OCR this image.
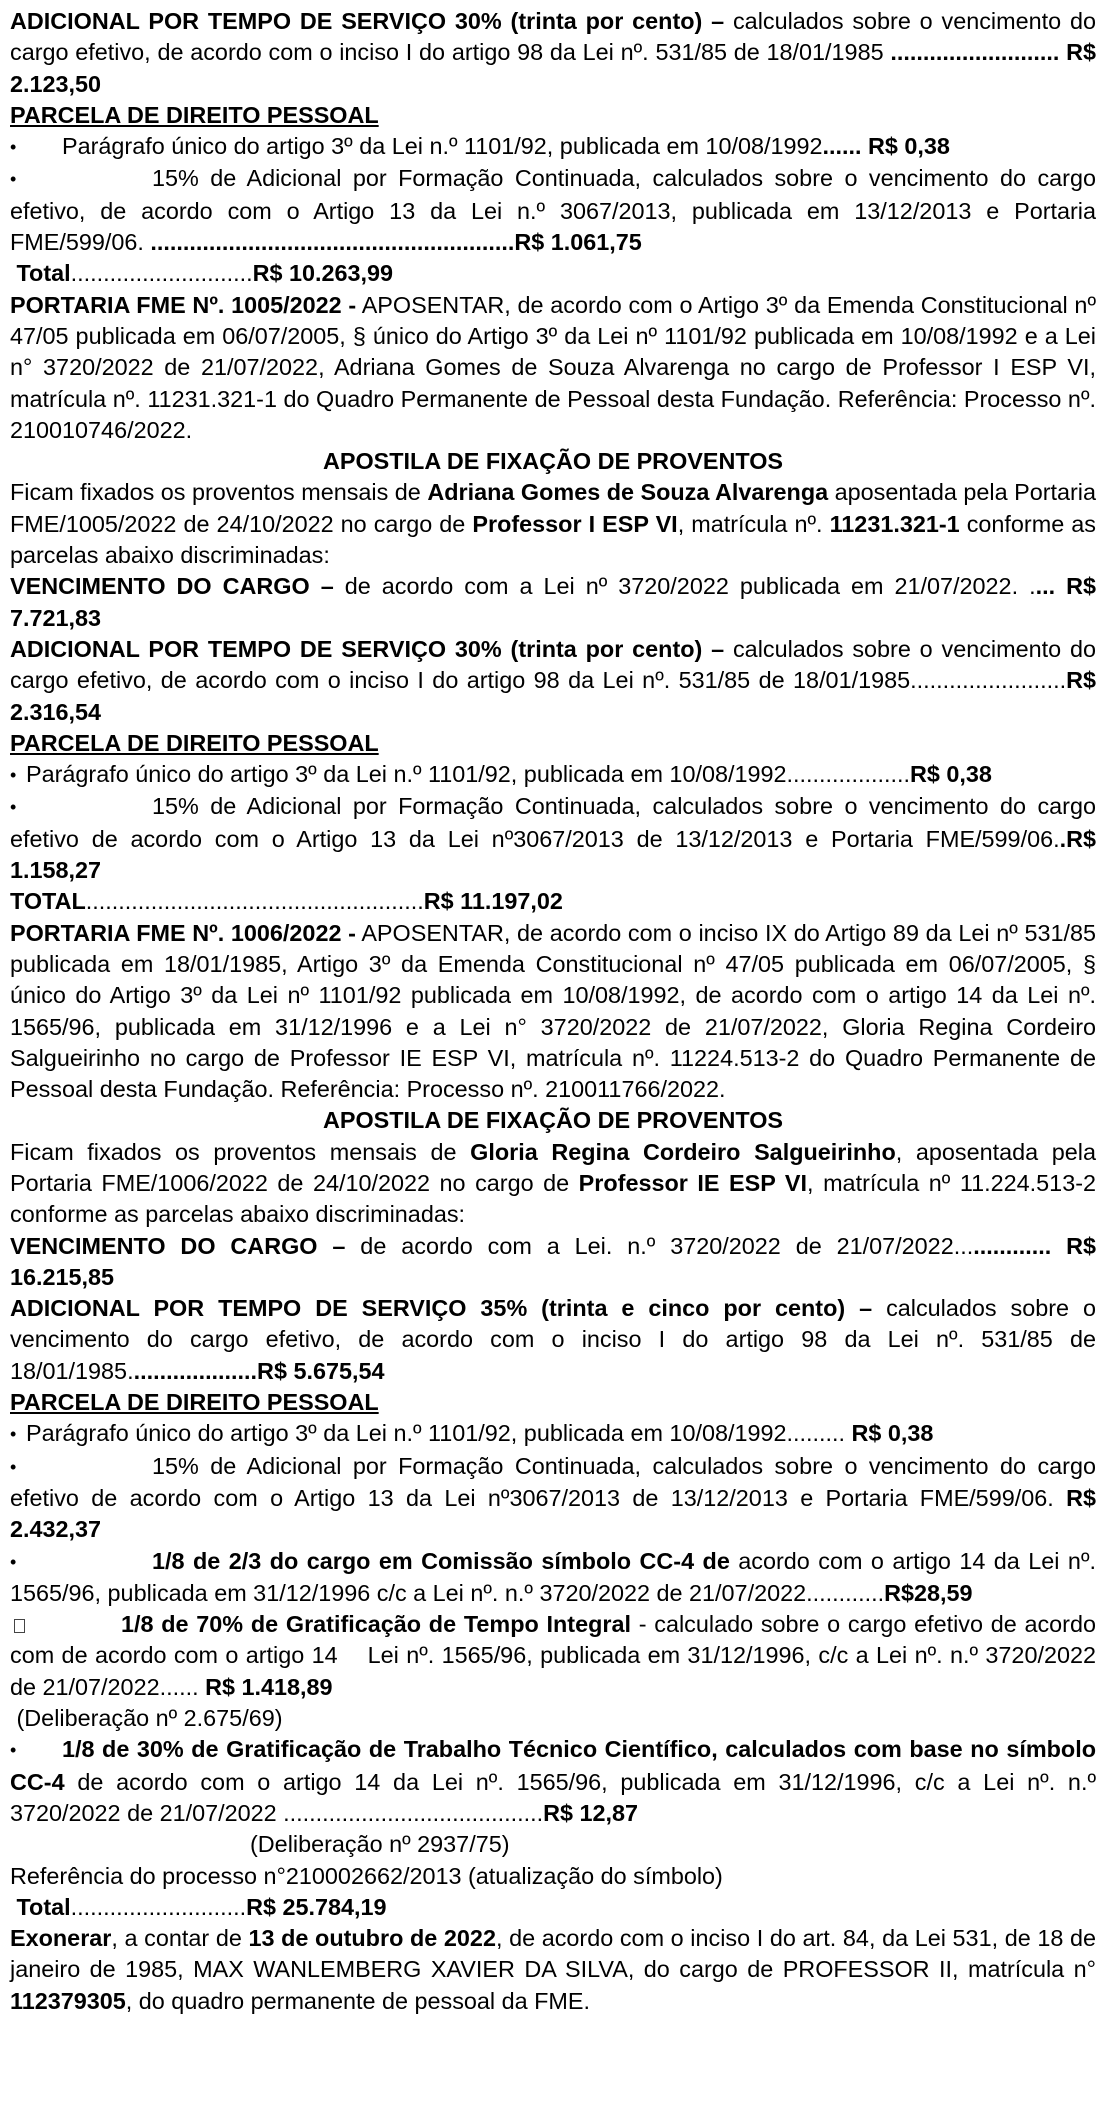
ADICIONAL POR TEMPO DE SERVIÇO 30% (trinta por cento) – calculados sobre o vencimento do cargo efetivo, de acordo com o inciso I do artigo 98 da Lei nº. 531/85 de 18/01/1985 .......................... R$ 2.123,50

PARCELA DE DIREITO PESSOAL

• Parágrafo único do artigo 3º da Lei n.º 1101/92, publicada em 10/08/1992...... R$ 0,38

•	15% de Adicional por Formação Continuada, calculados sobre o vencimento do cargo efetivo, de acordo com o Artigo 13 da Lei n.º 3067/2013, publicada em 13/12/2013 e Portaria FME/599/06. ........................................................R$ 1.061,75

Total............................R$ 10.263,99

PORTARIA FME Nº. 1005/2022 - APOSENTAR, de acordo com o Artigo 3º da Emenda Constitucional nº 47/05 publicada em 06/07/2005, § único do Artigo 3º da Lei nº 1101/92 publicada em 10/08/1992 e a Lei n° 3720/2022 de 21/07/2022, Adriana Gomes de Souza Alvarenga no cargo de Professor I ESP VI, matrícula nº. 11231.321-1 do Quadro Permanente de Pessoal desta Fundação. Referência: Processo nº. 210010746/2022.

APOSTILA DE FIXAÇÃO DE PROVENTOS

Ficam fixados os proventos mensais de Adriana Gomes de Souza Alvarenga aposentada pela Portaria FME/1005/2022 de 24/10/2022 no cargo de Professor I ESP VI, matrícula nº. 11231.321-1 conforme as parcelas abaixo discriminadas:

VENCIMENTO DO CARGO – de acordo com a Lei nº 3720/2022 publicada em 21/07/2022. .... R$ 7.721,83

ADICIONAL POR TEMPO DE SERVIÇO 30% (trinta por cento) – calculados sobre o vencimento do cargo efetivo, de acordo com o inciso I do artigo 98 da Lei nº. 531/85 de 18/01/1985........................R$ 2.316,54

PARCELA DE DIREITO PESSOAL

• Parágrafo único do artigo 3º da Lei n.º 1101/92, publicada em 10/08/1992...................R$ 0,38

•	15% de Adicional por Formação Continuada, calculados sobre o vencimento do cargo efetivo de acordo com o Artigo 13 da Lei nº3067/2013 de 13/12/2013 e Portaria FME/599/06..R$ 1.158,27

TOTAL....................................................R$ 11.197,02

PORTARIA FME Nº. 1006/2022 - APOSENTAR, de acordo com o inciso IX do Artigo 89 da Lei nº 531/85 publicada em 18/01/1985, Artigo 3º da Emenda Constitucional nº 47/05 publicada em 06/07/2005, § único do Artigo 3º da Lei nº 1101/92 publicada em 10/08/1992, de acordo com o artigo 14 da Lei nº. 1565/96, publicada em 31/12/1996 e a Lei n° 3720/2022 de 21/07/2022, Gloria Regina Cordeiro Salgueirinho no cargo de Professor IE ESP VI, matrícula nº. 11224.513-2 do Quadro Permanente de Pessoal desta Fundação. Referência: Processo nº. 210011766/2022.

APOSTILA DE FIXAÇÃO DE PROVENTOS

Ficam fixados os proventos mensais de Gloria Regina Cordeiro Salgueirinho, aposentada pela Portaria FME/1006/2022 de 24/10/2022 no cargo de Professor IE ESP VI, matrícula nº 11.224.513-2 conforme as parcelas abaixo discriminadas:

VENCIMENTO DO CARGO – de acordo com a Lei. n.º 3720/2022 de 21/07/2022............... R$ 16.215,85

ADICIONAL POR TEMPO DE SERVIÇO 35% (trinta e cinco por cento) – calculados sobre o vencimento do cargo efetivo, de acordo com o inciso I do artigo 98 da Lei nº. 531/85 de 18/01/1985....................R$ 5.675,54

PARCELA DE DIREITO PESSOAL

• Parágrafo único do artigo 3º da Lei n.º 1101/92, publicada em 10/08/1992......... R$ 0,38

•	15% de Adicional por Formação Continuada, calculados sobre o vencimento do cargo efetivo de acordo com o Artigo 13 da Lei nº3067/2013 de 13/12/2013 e Portaria FME/599/06. R$ 2.432,37

•	1/8 de 2/3 do cargo em Comissão símbolo CC-4 de acordo com o artigo 14 da Lei nº. 1565/96, publicada em 31/12/1996 c/c a Lei nº. n.º 3720/2022 de 21/07/2022............R$28,59

1/8 de 70% de Gratificação de Tempo Integral - calculado sobre o cargo efetivo de acordo com de acordo com o artigo 14 Lei nº. 1565/96, publicada em 31/12/1996, c/c a Lei nº. n.º 3720/2022 de 21/07/2022...... R$ 1.418,89

(Deliberação nº 2.675/69)

• 1/8 de 30% de Gratificação de Trabalho Técnico Científico, calculados com base no símbolo CC-4 de acordo com o artigo 14 da Lei nº. 1565/96, publicada em 31/12/1996, c/c a Lei nº. n.º 3720/2022 de 21/07/2022 ........................................R$ 12,87

(Deliberação nº 2937/75)

Referência do processo n°210002662/2013 (atualização do símbolo)

Total...........................R$ 25.784,19

Exonerar, a contar de 13 de outubro de 2022, de acordo com o inciso I do art. 84, da Lei 531, de 18 de janeiro de 1985, MAX WANLEMBERG XAVIER DA SILVA, do cargo de PROFESSOR II, matrícula n° 112379305, do quadro permanente de pessoal da FME.
